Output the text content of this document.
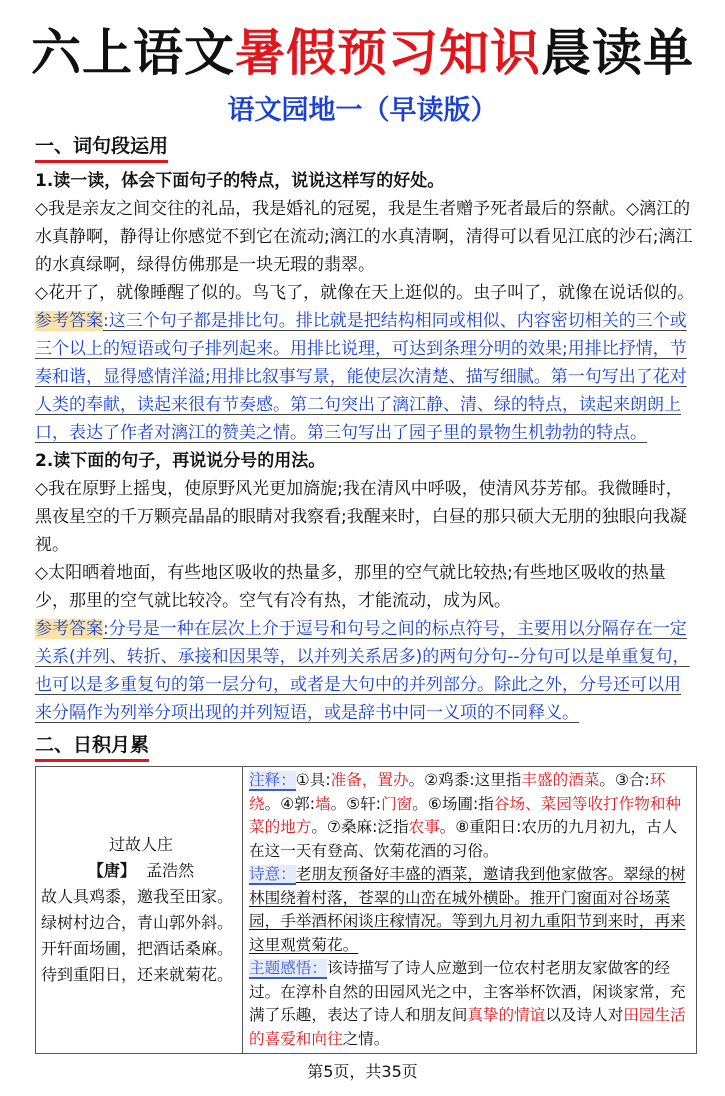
六上语文暑假预习知识晨读单
语文园地一（早读版）
一、词句段运用
1.读一读，体会下面句子的特点，说说这样写的好处。
◇我是亲友之间交往的礼品，我是婚礼的冠冕，我是生者赠予死者最后的祭献。◇漓江的水真静啊，静得让你感觉不到它在流动;漓江的水真清啊，清得可以看见江底的沙石;漓江的水真绿啊，绿得仿佛那是一块无瑕的翡翠。
◇花开了，就像睡醒了似的。鸟飞了，就像在天上逛似的。虫子叫了，就像在说话似的。
参考答案:这三个句子都是排比句。排比就是把结构相同或相似、内容密切相关的三个或三个以上的短语或句子排列起来。用排比说理，可达到条理分明的效果;用排比抒情，节奏和谐，显得感情洋溢;用排比叙事写景，能使层次清楚、描写细腻。第一句写出了花对人类的奉献，读起来很有节奏感。第二句突出了漓江静、清、绿的特点，读起来朗朗上口，表达了作者对漓江的赞美之情。第三句写出了园子里的景物生机勃勃的特点。
2.读下面的句子，再说说分号的用法。
◇我在原野上摇曳，使原野风光更加旖旎;我在清风中呼吸，使清风芬芳郁。我微睡时，黑夜星空的千万颗亮晶晶的眼睛对我察看;我醒来时，白昼的那只硕大无朋的独眼向我凝视。
◇太阳晒着地面，有些地区吸收的热量多，那里的空气就比较热;有些地区吸收的热量少，那里的空气就比较冷。空气有冷有热，才能流动，成为风。
参考答案:分号是一种在层次上介于逗号和句号之间的标点符号，主要用以分隔存在一定关系(并列、转折、承接和因果等，以并列关系居多)的两句分句--分句可以是单重复句，也可以是多重复句的第一层分句，或者是大句中的并列部分。除此之外，分号还可以用来分隔作为列举分项出现的并列短语，或是辞书中同一义项的不同释义。
二、日积月累
过故人庄
【唐】 孟浩然
故人具鸡黍，邀我至田家。
绿树村边合，青山郭外斜。
开轩面场圃，把酒话桑麻。
待到重阳日，还来就菊花。

注释：①具:准备，置办。②鸡黍:这里指丰盛的酒菜。③合:环绕。④郭:墙。⑤轩:门窗。⑥场圃:指谷场、菜园等收打作物和种菜的地方。⑦桑麻:泛指农事。⑧重阳日:农历的九月初九，古人在这一天有登高、饮菊花酒的习俗。
诗意：老朋友预备好丰盛的酒菜，邀请我到他家做客。翠绿的树林围绕着村落，苍翠的山峦在城外横卧。推开门窗面对谷场菜园，手举酒杯闲谈庄稼情况。等到九月初九重阳节到来时，再来这里观赏菊花。
主题感悟：该诗描写了诗人应邀到一位农村老朋友家做客的经过。在淳朴自然的田园风光之中，主客举杯饮酒，闲谈家常，充满了乐趣，表达了诗人和朋友间真挚的情谊以及诗人对田园生活的喜爱和向往之情。
第5页，共35页
